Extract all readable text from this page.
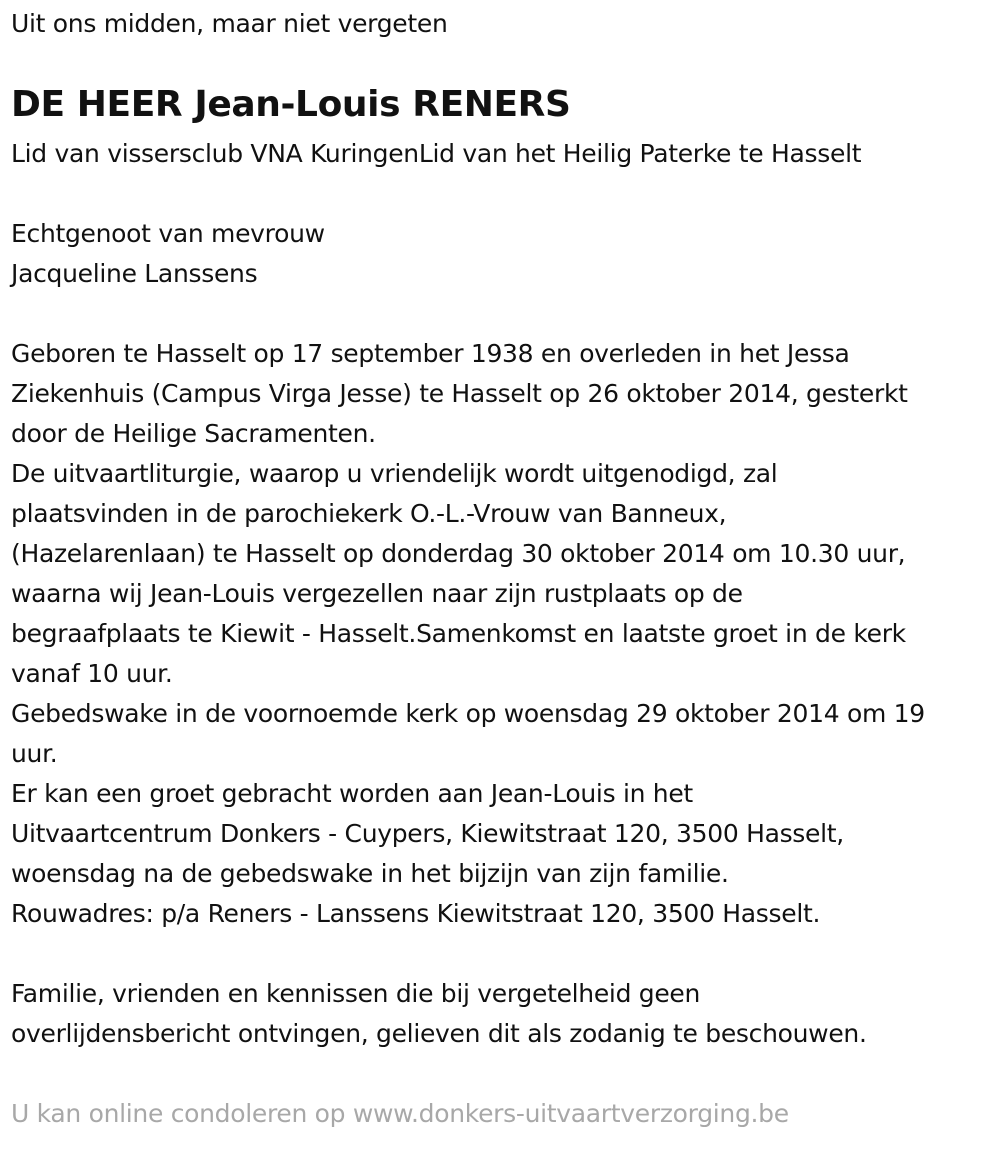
Uit ons midden, maar niet vergeten
DE HEER Jean-Louis RENERS
Lid van vissersclub VNA KuringenLid van het Heilig Paterke te Hasselt
Echtgenoot van mevrouw
Jacqueline Lanssens
Geboren te Hasselt op 17 september 1938 en overleden in het Jessa
Ziekenhuis (Campus Virga Jesse) te Hasselt op 26 oktober 2014, gesterkt
door de Heilige Sacramenten.
De uitvaartliturgie, waarop u vriendelijk wordt uitgenodigd, zal
plaatsvinden in de parochiekerk O.-L.-Vrouw van Banneux,
(Hazelarenlaan) te Hasselt op donderdag 30 oktober 2014 om 10.30 uur,
waarna wij Jean-Louis vergezellen naar zijn rustplaats op de
begraafplaats te Kiewit - Hasselt.Samenkomst en laatste groet in de kerk
vanaf 10 uur.
Gebedswake in de voornoemde kerk op woensdag 29 oktober 2014 om 19
uur.
Er kan een groet gebracht worden aan Jean-Louis in het
Uitvaartcentrum Donkers - Cuypers, Kiewitstraat 120, 3500 Hasselt,
woensdag na de gebedswake in het bijzijn van zijn familie.
Rouwadres: p/a Reners - Lanssens Kiewitstraat 120, 3500 Hasselt.
Familie, vrienden en kennissen die bij vergetelheid geen
overlijdensbericht ontvingen, gelieven dit als zodanig te beschouwen.
U kan online condoleren op www.donkers-uitvaartverzorging.be
